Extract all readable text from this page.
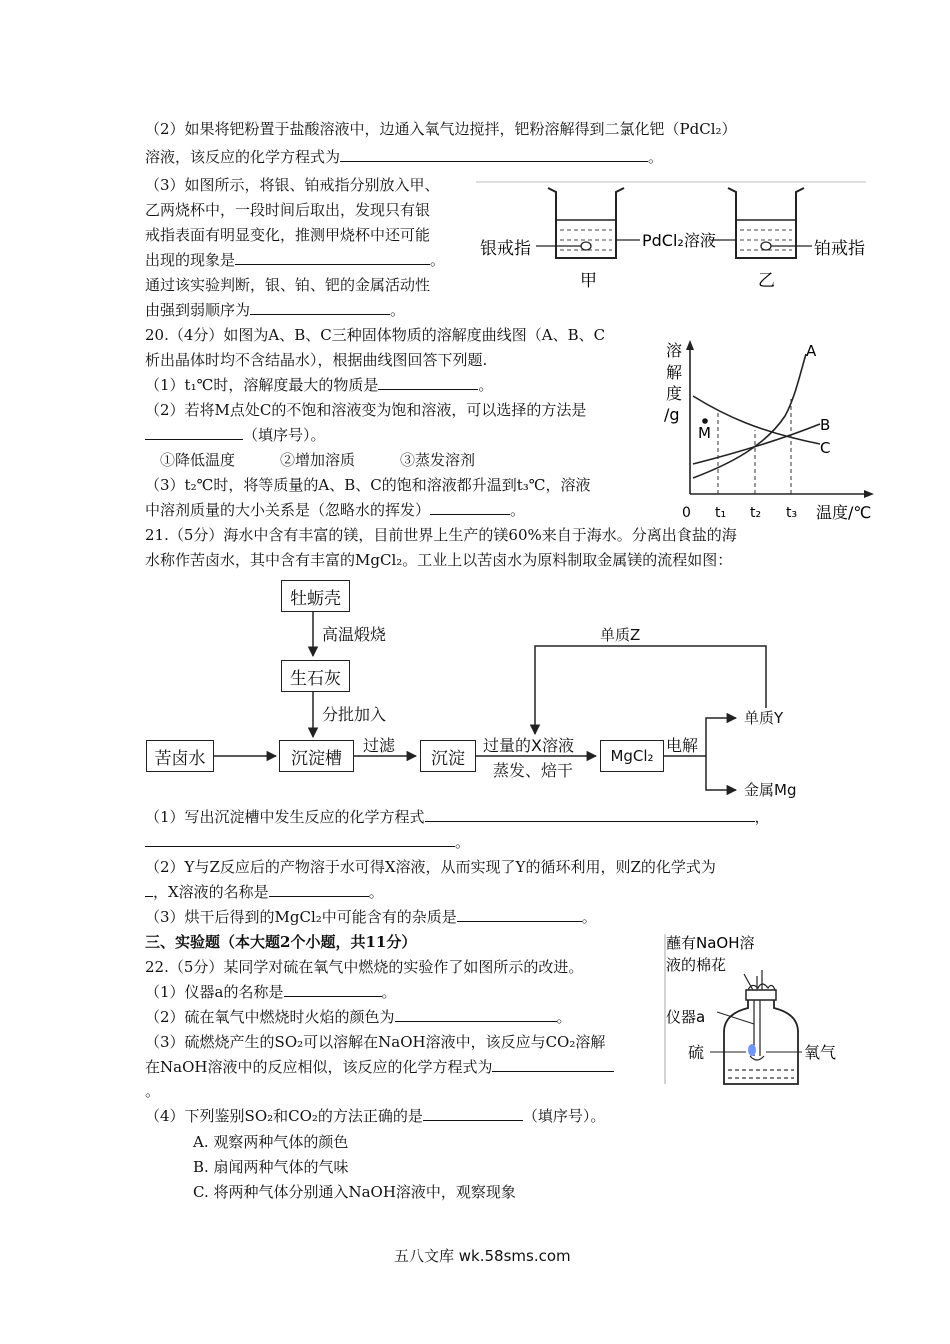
（2）如果将钯粉置于盐酸溶液中，边通入氧气边搅拌，钯粉溶解得到二氯化钯（PdCl₂）
溶液，该反应的化学方程式为	。
（3）如图所示，将银、铂戒指分别放入甲、
乙两烧杯中，一段时间后取出，发现只有银
戒指表面有明显变化，推测甲烧杯中还可能
出现的现象是	。
通过该实验判断，银、铂、钯的金属活动性
由强到弱顺序为	。
银戒指	PdCl₂溶液	铂戒指
甲	乙
20.（4分）如图为A、B、C三种固体物质的溶解度曲线图（A、B、C
析出晶体时均不含结晶水），根据曲线图回答下列题.
（1）t₁℃时，溶解度最大的物质是	。
（2）若将M点处C的不饱和溶液变为饱和溶液，可以选择的方法是
（填序号）。
①降低温度　　　②增加溶质　　　③蒸发溶剂
（3）t₂℃时，将等质量的A、B、C的饱和溶液都升温到t₃℃，溶液
中溶剂质量的大小关系是（忽略水的挥发）	。
溶
解
度
/g
M
A
B
C
0 t₁ t₂ t₃ 温度/℃
21.（5分）海水中含有丰富的镁，目前世界上生产的镁60%来自于海水。分离出食盐的海
水称作苦卤水，其中含有丰富的MgCl₂。工业上以苦卤水为原料制取金属镁的流程如图：
牡蛎壳
高温煅烧
生石灰
分批加入
苦卤水	沉淀槽
过滤
沉淀
过量的X溶液
蒸发、焙干
MgCl₂
电解
单质Z
单质Y
金属Mg
（1）写出沉淀槽中发生反应的化学方程式	，
。
（2）Y与Z反应后的产物溶于水可得X溶液，从而实现了Y的循环利用，则Z的化学式为
，X溶液的名称是	。
（3）烘干后得到的MgCl₂中可能含有的杂质是	。
三、实验题（本大题2个小题，共11分）
22.（5分）某同学对硫在氧气中燃烧的实验作了如图所示的改进。
（1）仪器a的名称是	。
（2）硫在氧气中燃烧时火焰的颜色为	。
（3）硫燃烧产生的SO₂可以溶解在NaOH溶液中，该反应与CO₂溶解
在NaOH溶液中的反应相似，该反应的化学方程式为
。
（4）下列鉴别SO₂和CO₂的方法正确的是	（填序号）。
A. 观察两种气体的颜色
B. 扇闻两种气体的气味
C. 将两种气体分别通入NaOH溶液中，观察现象
蘸有NaOH溶
液的棉花
仪器a
硫	氧气
五八文库 wk.58sms.com
